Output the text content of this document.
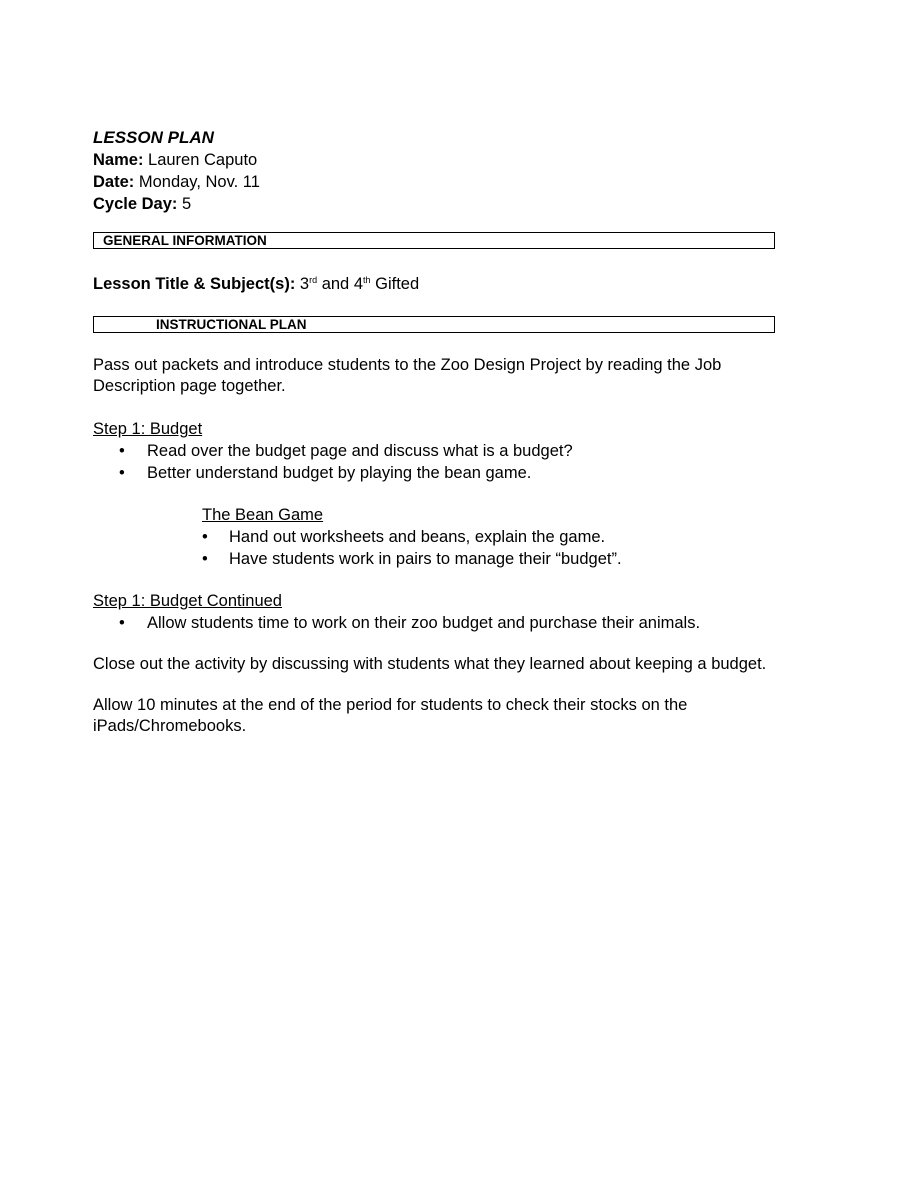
LESSON PLAN
Name: Lauren Caputo
Date: Monday, Nov. 11
Cycle Day: 5
GENERAL INFORMATION
Lesson Title & Subject(s): 3rd and 4th Gifted
INSTRUCTIONAL PLAN

Pass out packets and introduce students to the Zoo Design Project by reading the Job Description page together.

Step 1: Budget
• Read over the budget page and discuss what is a budget?
• Better understand budget by playing the bean game.
The Bean Game
• Hand out worksheets and beans, explain the game.
• Have students work in pairs to manage their “budget”.
Step 1: Budget Continued
• Allow students time to work on their zoo budget and purchase their animals.

Close out the activity by discussing with students what they learned about keeping a budget.

Allow 10 minutes at the end of the period for students to check their stocks on the iPads/Chromebooks.
